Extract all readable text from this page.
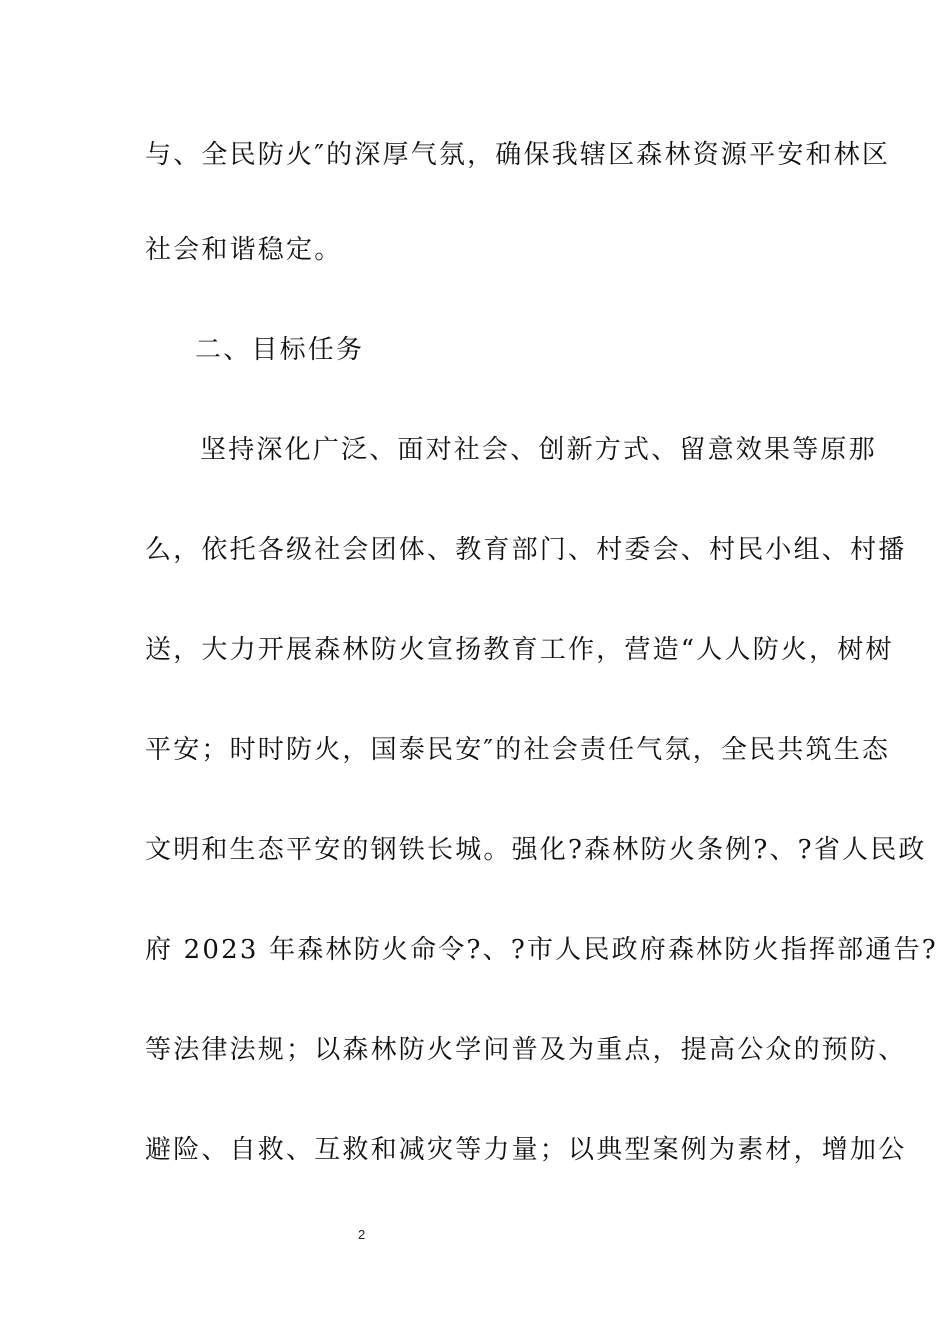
与、全民防火″的深厚气氛，确保我辖区森林资源平安和林区
社会和谐稳定。
二、目标任务
坚持深化广泛、面对社会、创新方式、留意效果等原那
么，依托各级社会团体、教育部门、村委会、村民小组、村播
送，大力开展森林防火宣扬教育工作，营造“人人防火，树树
平安；时时防火，国泰民安″的社会责任气氛，全民共筑生态
文明和生态平安的钢铁长城。强化?森林防火条例?、?省人民政
府 2023 年森林防火命令?、?市人民政府森林防火指挥部通告?
等法律法规；以森林防火学问普及为重点，提高公众的预防、
避险、自救、互救和减灾等力量；以典型案例为素材，增加公
2
